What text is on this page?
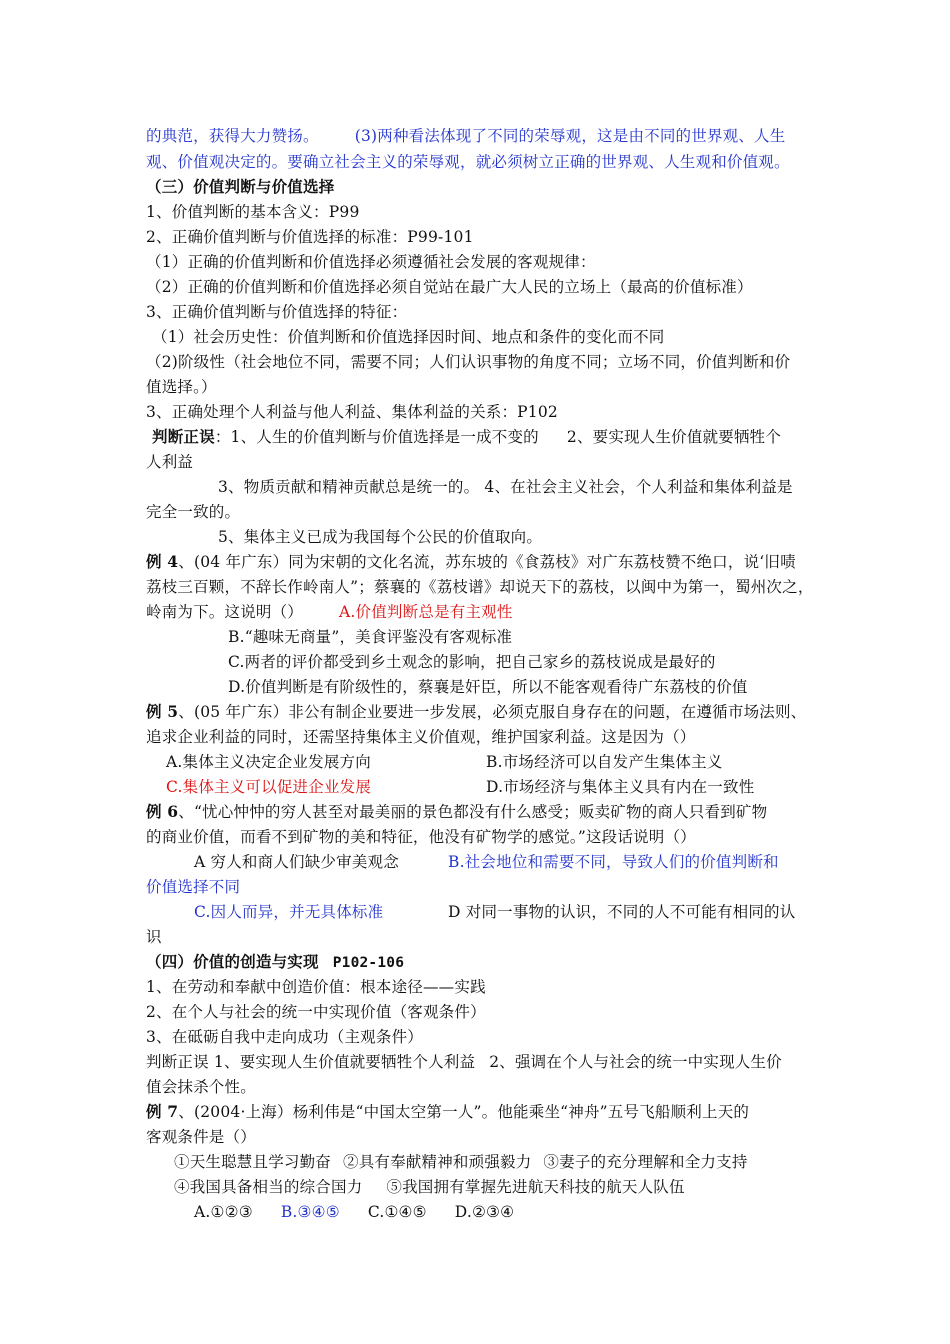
的典范，获得大力赞扬。 (3)两种看法体现了不同的荣辱观，这是由不同的世界观、人生
观、价值观决定的。要确立社会主义的荣辱观，就必须树立正确的世界观、人生观和价值观。
（三）价值判断与价值选择
1、价值判断的基本含义：P99
2、正确价值判断与价值选择的标准：P99-101
（1）正确的价值判断和价值选择必须遵循社会发展的客观规律：
（2）正确的价值判断和价值选择必须自觉站在最广大人民的立场上（最高的价值标准）
3、正确价值判断与价值选择的特征：
（1）社会历史性：价值判断和价值选择因时间、地点和条件的变化而不同
（2)阶级性（社会地位不同，需要不同；人们认识事物的角度不同；立场不同，价值判断和价
值选择。）
3、正确处理个人利益与他人利益、集体利益的关系：P102
判断正误：1、人生的价值判断与价值选择是一成不变的 2、要实现人生价值就要牺牲个
人利益
3、物质贡献和精神贡献总是统一的。 4、在社会主义社会，个人利益和集体利益是
完全一致的。
5、集体主义已成为我国每个公民的价值取向。
例 4、(04 年广东）同为宋朝的文化名流，苏东坡的《食荔枝》对广东荔枝赞不绝口，说‘旧啧
荔枝三百颗，不辞长作岭南人”；蔡襄的《荔枝谱》却说天下的荔枝，以闽中为第一，蜀州次之，
岭南为下。这说明（） A.价值判断总是有主观性
B.“趣味无商量”，美食评鉴没有客观标准
C.两者的评价都受到乡土观念的影响，把自己家乡的荔枝说成是最好的
D.价值判断是有阶级性的，蔡襄是奸臣，所以不能客观看待广东荔枝的价值
例 5、(05 年广东）非公有制企业要进一步发展，必须克服自身存在的问题，在遵循市场法则、
追求企业利益的同时，还需坚持集体主义价值观，维护国家利益。这是因为（）
A.集体主义决定企业发展方向	B.市场经济可以自发产生集体主义
C.集体主义可以促进企业发展	D.市场经济与集体主义具有内在一致性
例 6、“忧心忡忡的穷人甚至对最美丽的景色都没有什么感受；贩卖矿物的商人只看到矿物
的商业价值，而看不到矿物的美和特征，他没有矿物学的感觉。”这段话说明（）
A 穷人和商人们缺少审美观念	B.社会地位和需要不同，导致人们的价值判断和
价值选择不同
C.因人而异，并无具体标准	D 对同一事物的认识，不同的人不可能有相同的认
识
（四）价值的创造与实现 P102-106
1、在劳动和奉献中创造价值：根本途径——实践
2、在个人与社会的统一中实现价值（客观条件）
3、在砥砺自我中走向成功（主观条件）
判断正误 1、要实现人生价值就要牺牲个人利益 2、强调在个人与社会的统一中实现人生价
值会抹杀个性。
例 7、(2004·上海）杨利伟是“中国太空第一人”。他能乘坐“神舟”五号飞船顺利上天的
客观条件是（）
①天生聪慧且学习勤奋 ②具有奉献精神和顽强毅力 ③妻子的充分理解和全力支持
④我国具备相当的综合国力 ⑤我国拥有掌握先进航天科技的航天人队伍
A.①②③ B.③④⑤ C.①④⑤ D.②③④
